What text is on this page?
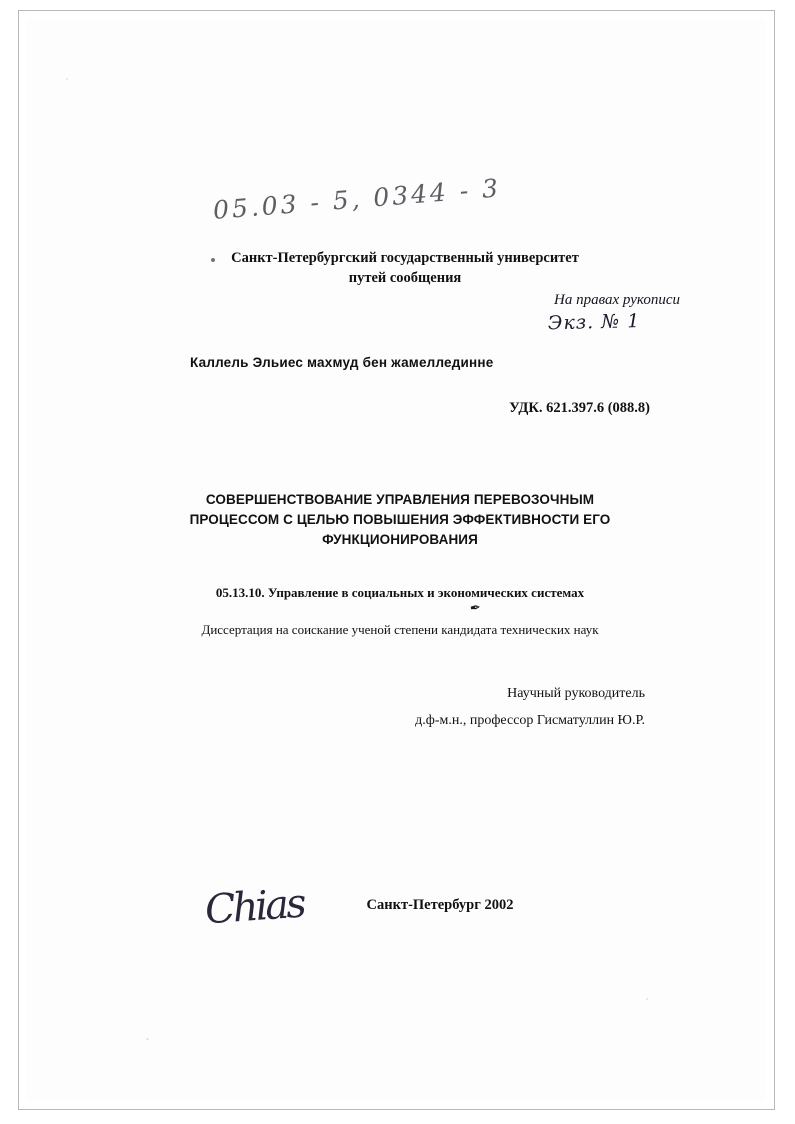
05.03 - 5, 0344 - 3
Санкт-Петербургский государственный университет
путей сообщения
На правах рукописи
Экз. № 1
Каллель Эльиес махмуд бен жамеллединне
УДК. 621.397.6 (088.8)
СОВЕРШЕНСТВОВАНИЕ УПРАВЛЕНИЯ ПЕРЕВОЗОЧНЫМ
ПРОЦЕССОМ С ЦЕЛЬЮ ПОВЫШЕНИЯ ЭФФЕКТИВНОСТИ ЕГО
ФУНКЦИОНИРОВАНИЯ
05.13.10. Управление в социальных и экономических системах
✒
Диссертация на соискание ученой степени кандидата технических наук
Научный руководитель
д.ф-м.н., профессор Гисматуллин Ю.Р.
Chias	Санкт-Петербург 2002
